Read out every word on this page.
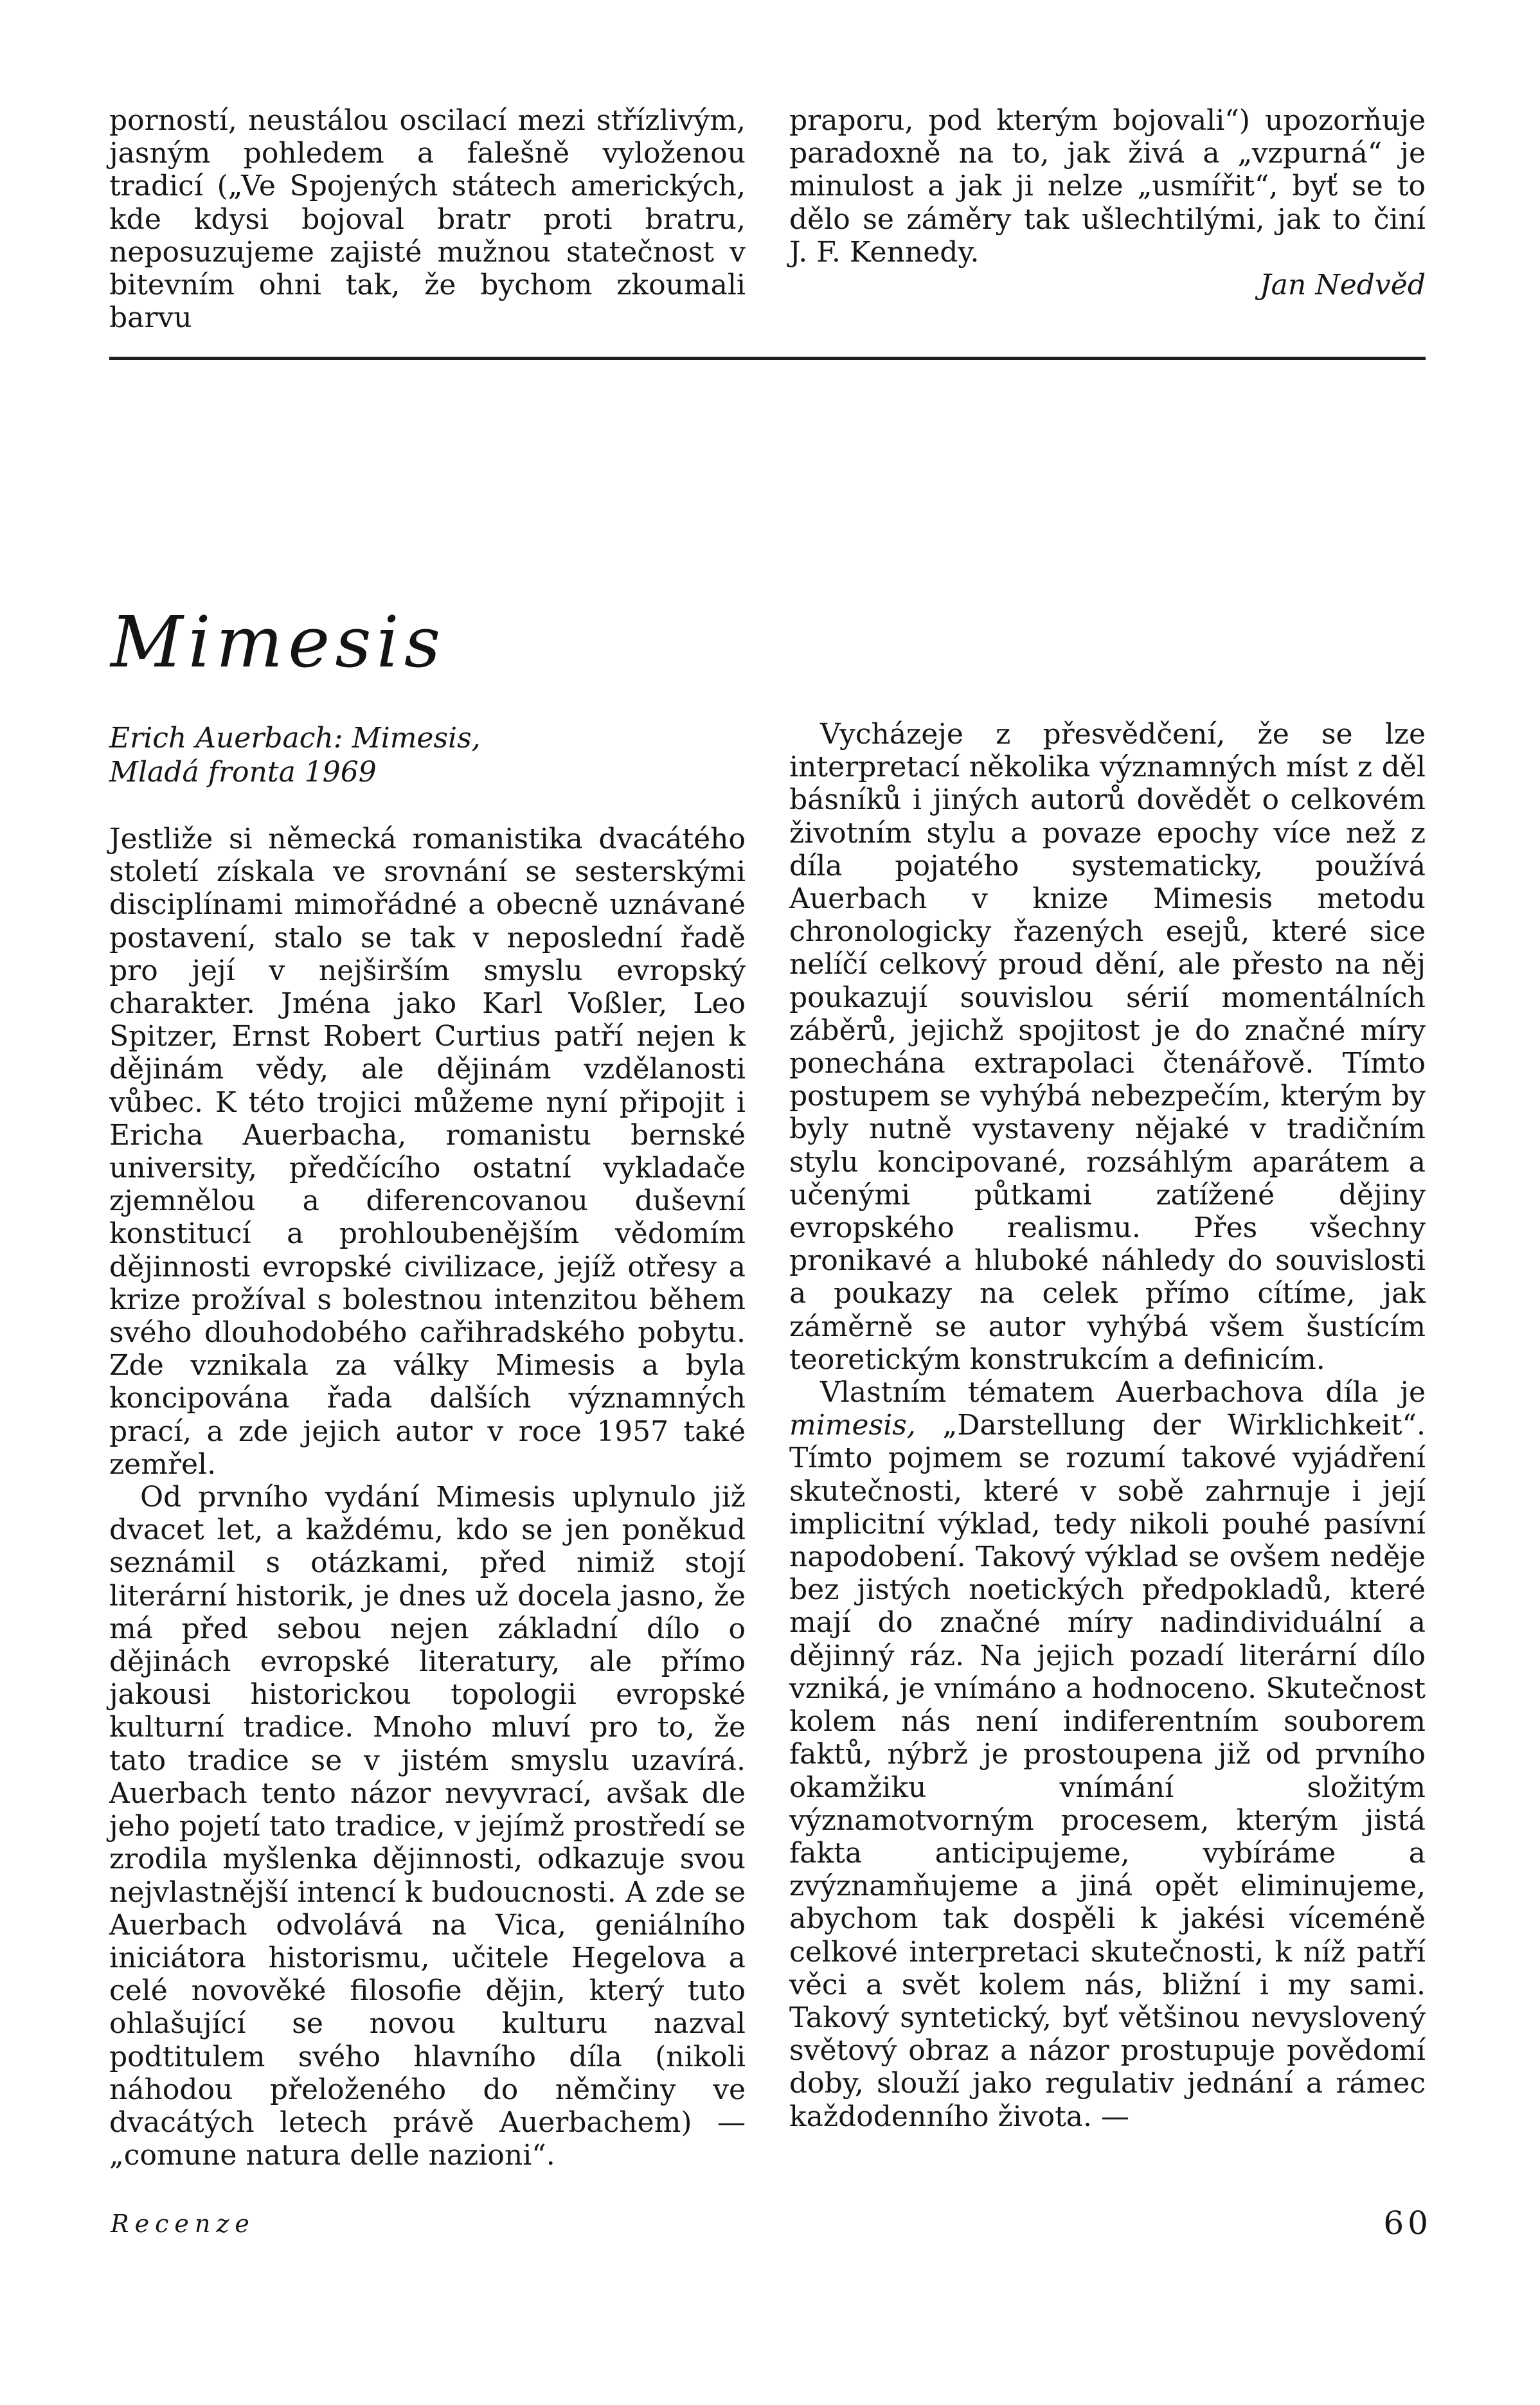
porností, neustálou oscilací mezi střízlivým, jasným pohledem a falešně vyloženou tradicí („Ve Spojených státech amerických, kde kdysi bojoval bratr proti bratru, neposuzujeme zajisté mužnou statečnost v bitevním ohni tak, že bychom zkoumali barvu

praporu, pod kterým bojovali“) upozorňuje paradoxně na to, jak živá a „vzpurná“ je minulost a jak ji nelze „usmířit“, byť se to dělo se záměry tak ušlechtilými, jak to činí J. F. Kennedy.

Jan Nedvěd
Mimesis
Erich Auerbach: Mimesis,
Mladá fronta 1969

Jestliže si německá romanistika dvacátého století získala ve srovnání se sesterskými disciplínami mimořádné a obecně uznávané postavení, stalo se tak v neposlední řadě pro její v nejširším smyslu evropský charakter. Jména jako Karl Voßler, Leo Spitzer, Ernst Robert Curtius patří nejen k dějinám vědy, ale dějinám vzdělanosti vůbec. K této trojici můžeme nyní připojit i Ericha Auerbacha, romanistu bernské university, předčícího ostatní vykladače zjemnělou a diferencovanou duševní konstitucí a prohloubenějším vědomím dějinnosti evropské civilizace, jejíž otřesy a krize prožíval s bolestnou intenzitou během svého dlouhodobého cařihradského pobytu. Zde vznikala za války Mimesis a byla koncipována řada dalších významných prací, a zde jejich autor v roce 1957 také zemřel.

Od prvního vydání Mimesis uplynulo již dvacet let, a každému, kdo se jen poněkud seznámil s otázkami, před nimiž stojí literární historik, je dnes už docela jasno, že má před sebou nejen základní dílo o dějinách evropské literatury, ale přímo jakousi historickou topologii evropské kulturní tradice. Mnoho mluví pro to, že tato tradice se v jistém smyslu uzavírá. Auerbach tento názor nevyvrací, avšak dle jeho pojetí tato tradice, v jejímž prostředí se zrodila myšlenka dějinnosti, odkazuje svou nejvlastnější intencí k budoucnosti. A zde se Auerbach odvolává na Vica, geniálního iniciátora historismu, učitele Hegelova a celé novověké filosofie dějin, který tuto ohlašující se novou kulturu nazval podtitulem svého hlavního díla (nikoli náhodou přeloženého do němčiny ve dvacátých letech právě Auerbachem) — „comune natura delle nazioni“.

Vycházeje z přesvědčení, že se lze interpretací několika významných míst z děl básníků i jiných autorů dovědět o celkovém životním stylu a povaze epochy více než z díla pojatého systematicky, používá Auerbach v knize Mimesis metodu chronologicky řazených esejů, které sice nelíčí celkový proud dění, ale přesto na něj poukazují souvislou sérií momentálních záběrů, jejichž spojitost je do značné míry ponechána extrapolaci čtenářově. Tímto postupem se vyhýbá nebezpečím, kterým by byly nutně vystaveny nějaké v tradičním stylu koncipované, rozsáhlým aparátem a učenými půtkami zatížené dějiny evropského realismu. Přes všechny pronikavé a hluboké náhledy do souvislosti a poukazy na celek přímo cítíme, jak záměrně se autor vyhýbá všem šustícím teoretickým konstrukcím a definicím.

Vlastním tématem Auerbachova díla je mimesis, „Darstellung der Wirklichkeit“. Tímto pojmem se rozumí takové vyjádření skutečnosti, které v sobě zahrnuje i její implicitní výklad, tedy nikoli pouhé pasívní napodobení. Takový výklad se ovšem neděje bez jistých noetických předpokladů, které mají do značné míry nadindividuální a dějinný ráz. Na jejich pozadí literární dílo vzniká, je vnímáno a hodnoceno. Skutečnost kolem nás není indiferentním souborem faktů, nýbrž je prostoupena již od prvního okamžiku vnímání složitým významotvorným procesem, kterým jistá fakta anticipujeme, vybíráme a zvýznamňujeme a jiná opět eliminujeme, abychom tak dospěli k jakési víceméně celkové interpretaci skutečnosti, k níž patří věci a svět kolem nás, bližní i my sami. Takový syntetický, byť většinou nevyslovený světový obraz a názor prostupuje povědomí doby, slouží jako regulativ jednání a rámec každodenního života. —

Recenze	60
